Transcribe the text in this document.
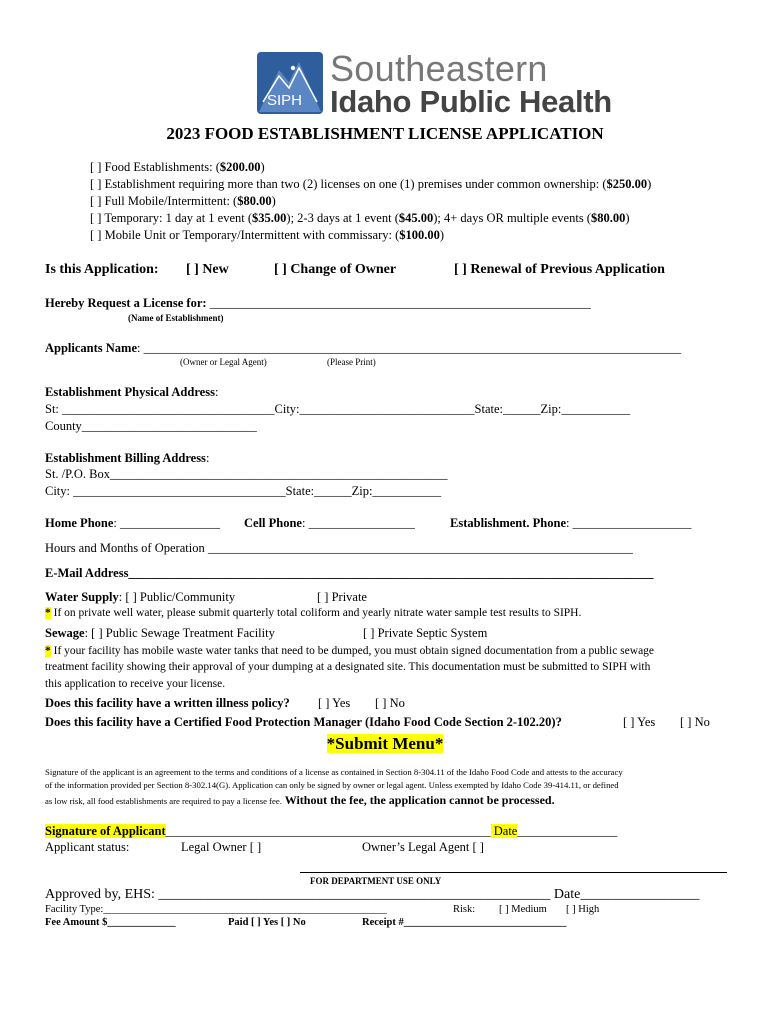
SIPH
Southeastern
Idaho Public Health
2023 FOOD ESTABLISHMENT LICENSE APPLICATION
[ ] Food Establishments: ($200.00)
[ ] Establishment requiring more than two (2) licenses on one (1) premises under common ownership: ($250.00)
[ ] Full Mobile/Intermittent: ($80.00)
[ ] Temporary: 1 day at 1 event ($35.00); 2-3 days at 1 event ($45.00); 4+ days OR multiple events ($80.00)
[ ] Mobile Unit or Temporary/Intermittent with commissary: ($100.00)
Is this Application: [ ] New	[ ] Change of Owner	[ ] Renewal of Previous Application
Hereby Request a License for: _____________________________________________________________
(Name of Establishment)
Applicants Name: ______________________________________________________________________________________
(Owner or Legal Agent)	(Please Print)
Establishment Physical Address:
St: __________________________________City:____________________________State:______Zip:___________
County____________________________
Establishment Billing Address:
St. /P.O. Box______________________________________________________
City: __________________________________State:______Zip:___________
Home Phone: ________________ Cell Phone: _________________	Establishment. Phone: ___________________
Hours and Months of Operation ____________________________________________________________________
E-Mail Address____________________________________________________________________________________
Water Supply: [ ] Public/Community	[ ] Private
* If on private well water, please submit quarterly total coliform and yearly nitrate water sample test results to SIPH.
Sewage: [ ] Public Sewage Treatment Facility	[ ] Private Septic System
* If your facility has mobile waste water tanks that need to be dumped, you must obtain signed documentation from a public sewage
treatment facility showing their approval of your dumping at a designated site. This documentation must be submitted to SIPH with
this application to receive your license.
Does this facility have a written illness policy? [ ] Yes [ ] No
Does this facility have a Certified Food Protection Manager (Idaho Food Code Section 2-102.20)?	[ ] Yes [ ] No
*Submit Menu*
Signature of the applicant is an agreement to the terms and conditions of a license as contained in Section 8-304.11 of the Idaho Food Code and attests to the accuracy
of the information provided per Section 8-302.14(G). Application can only be signed by owner or legal agent. Unless exempted by Idaho Code 39-414.11, or defined
as low risk, all food establishments are required to pay a license fee. Without the fee, the application cannot be processed.
Signature of Applicant____________________________________________________ Date________________
Applicant status:	Legal Owner [ ]	Owner’s Legal Agent [ ]
FOR DEPARTMENT USE ONLY
Approved by, EHS: ________________________________________________________ Date_________________
Facility Type:______________________________________________________	Risk: [ ] Medium [ ] High
Fee Amount $_____________	Paid [ ] Yes [ ] No	Receipt #_______________________________
